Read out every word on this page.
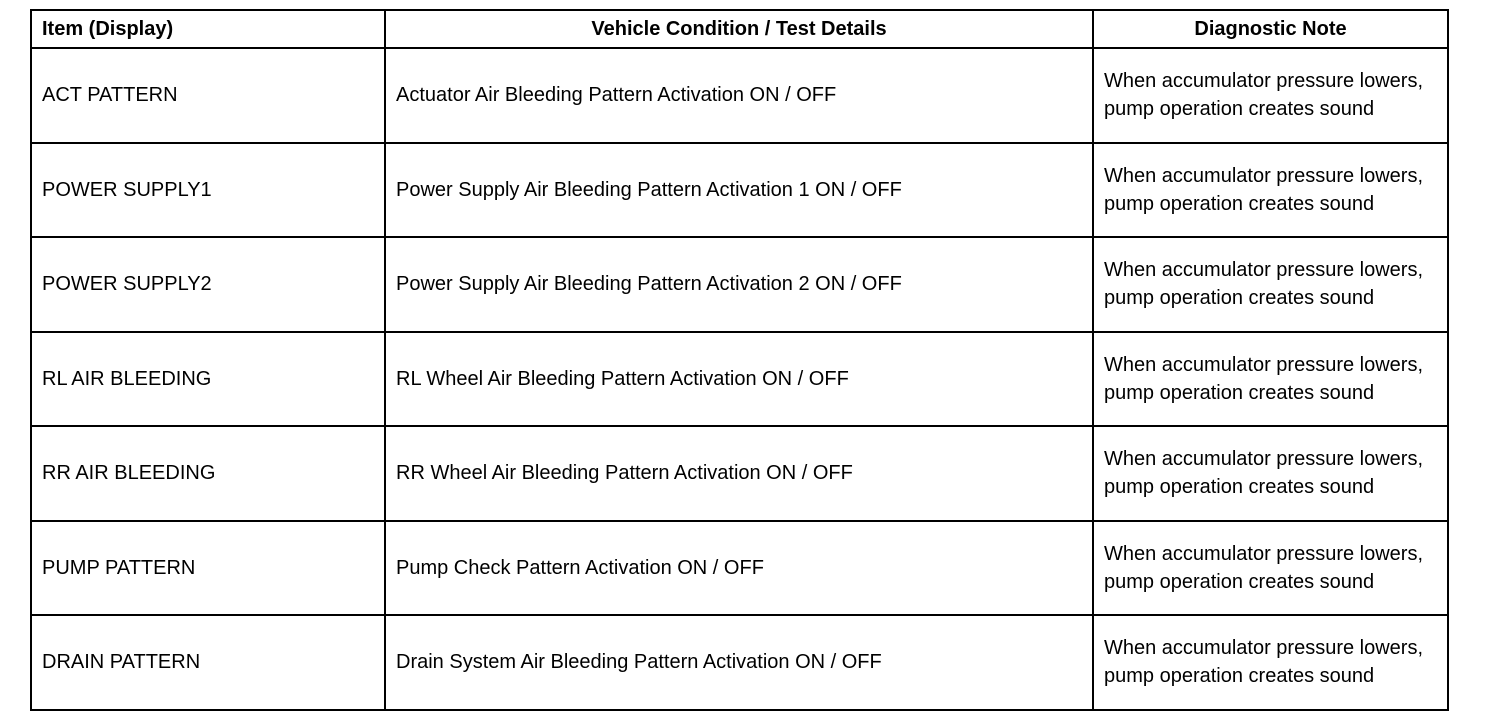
Item (Display)	Vehicle Condition / Test Details	Diagnostic Note
ACT PATTERN	Actuator Air Bleeding Pattern Activation ON / OFF	When accumulator pressure lowers, pump operation creates sound

POWER SUPPLY1	Power Supply Air Bleeding Pattern Activation 1 ON / OFF	When accumulator pressure lowers, pump operation creates sound

POWER SUPPLY2	Power Supply Air Bleeding Pattern Activation 2 ON / OFF	When accumulator pressure lowers, pump operation creates sound

RL AIR BLEEDING	RL Wheel Air Bleeding Pattern Activation ON / OFF	When accumulator pressure lowers, pump operation creates sound

RR AIR BLEEDING	RR Wheel Air Bleeding Pattern Activation ON / OFF	When accumulator pressure lowers, pump operation creates sound

PUMP PATTERN	Pump Check Pattern Activation ON / OFF	When accumulator pressure lowers, pump operation creates sound

DRAIN PATTERN	Drain System Air Bleeding Pattern Activation ON / OFF	When accumulator pressure lowers, pump operation creates sound
